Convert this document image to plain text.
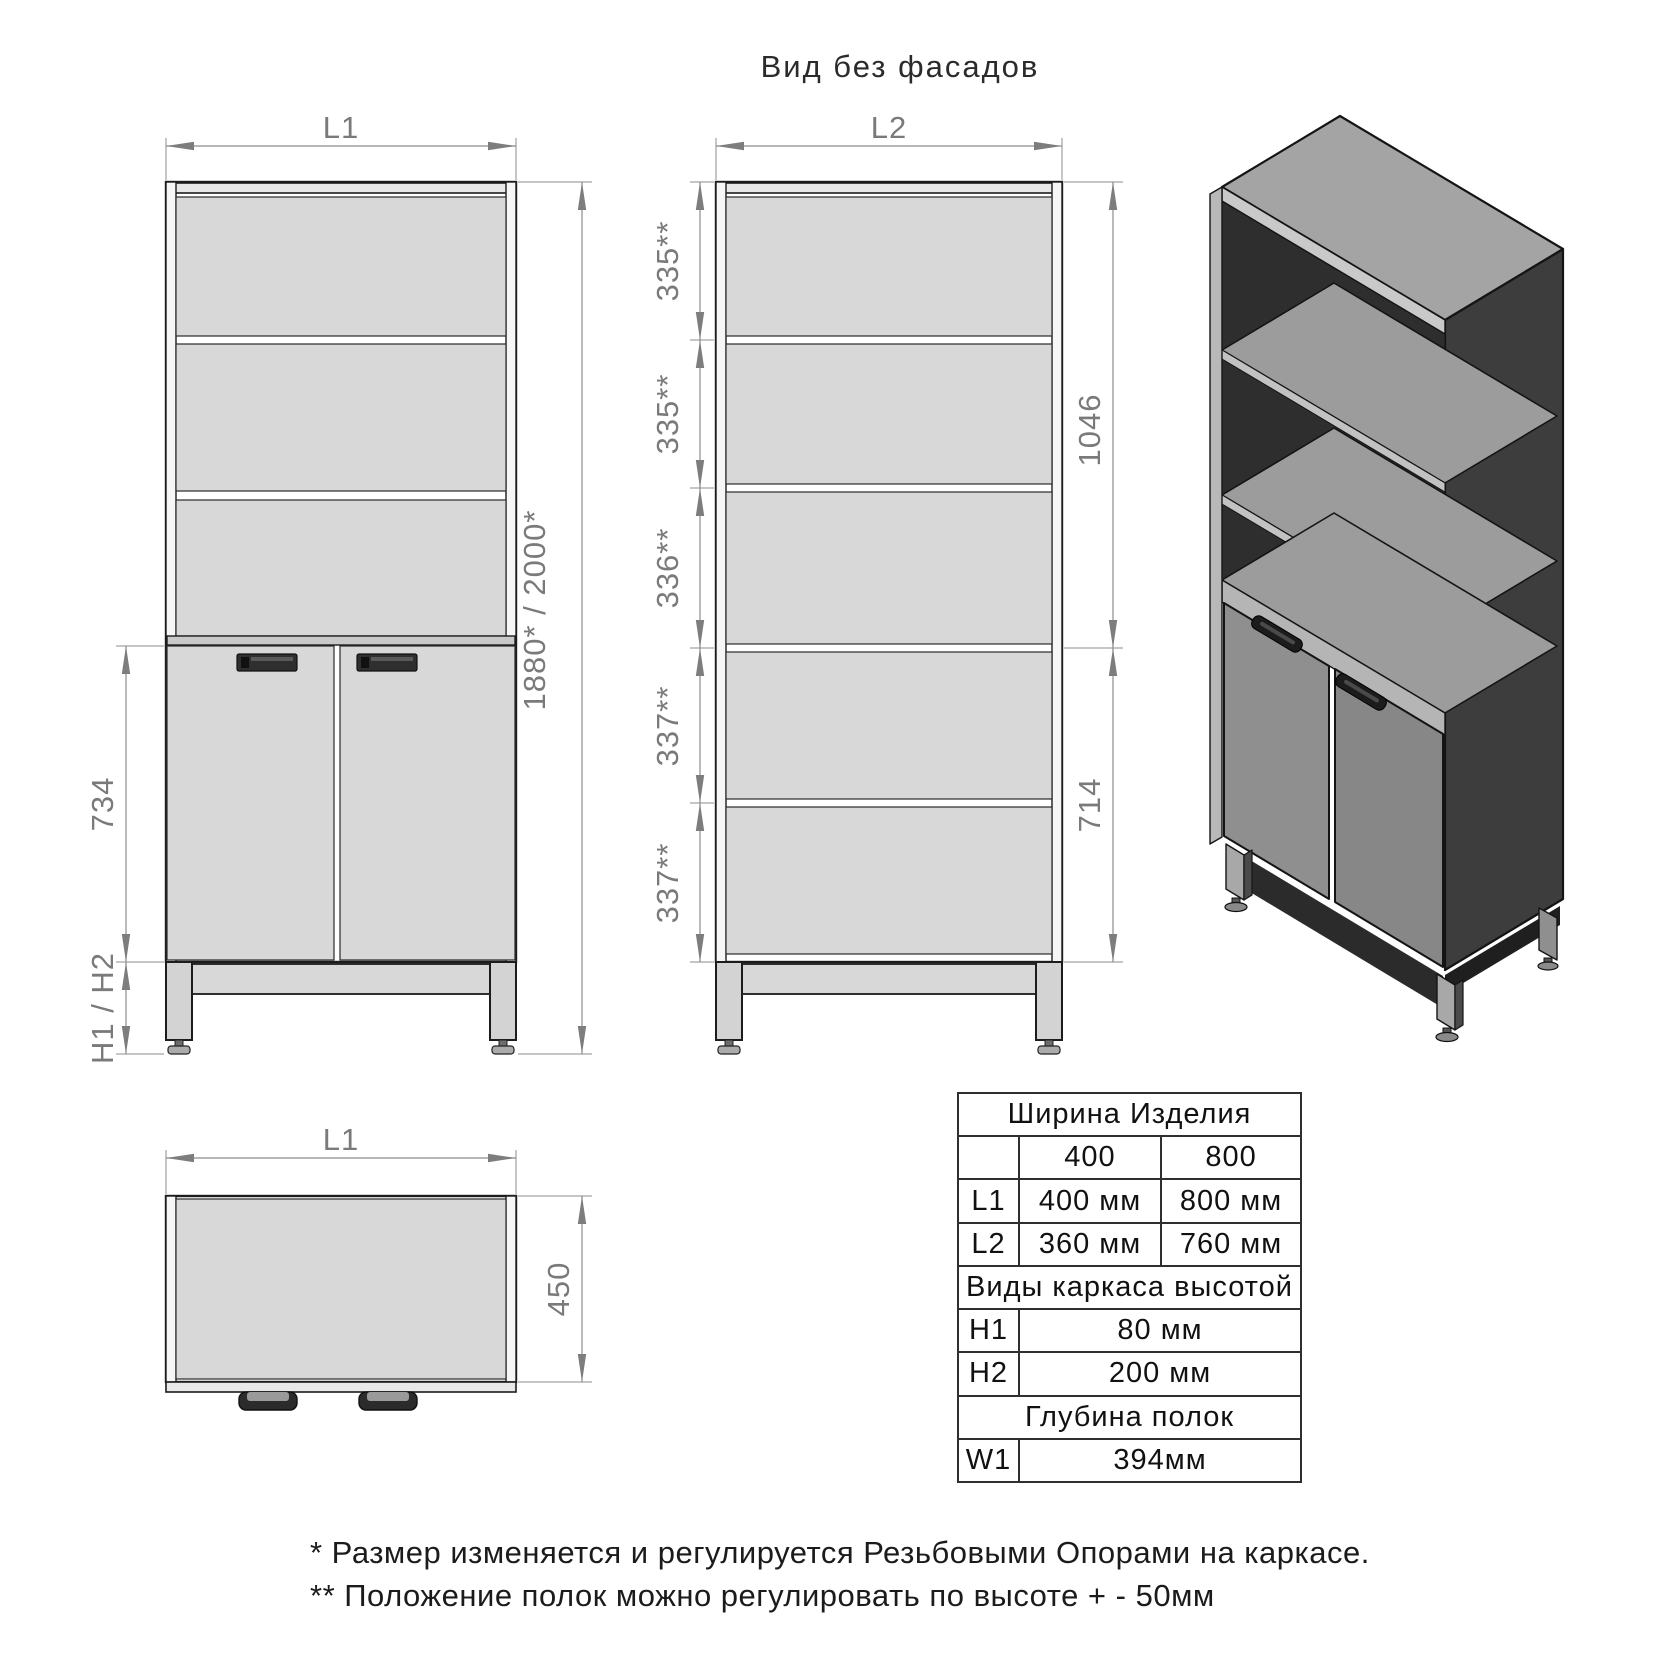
Вид без фасадов
L1
734
H1 / H2
1880* / 2000*
L2
335**
335**
336**
337**
337**
1046
714
L1
450
Ширина Изделия		
	400	800
L1	400 мм	800 мм
L2	360 мм	760 мм
Виды каркаса высотой		
H1	80 мм	
H2	200 мм	
Глубина полок		
W1	394мм	
* Размер изменяется и регулируется Резьбовыми Опорами на каркасе.
** Положение полок можно регулировать по высоте + - 50мм
